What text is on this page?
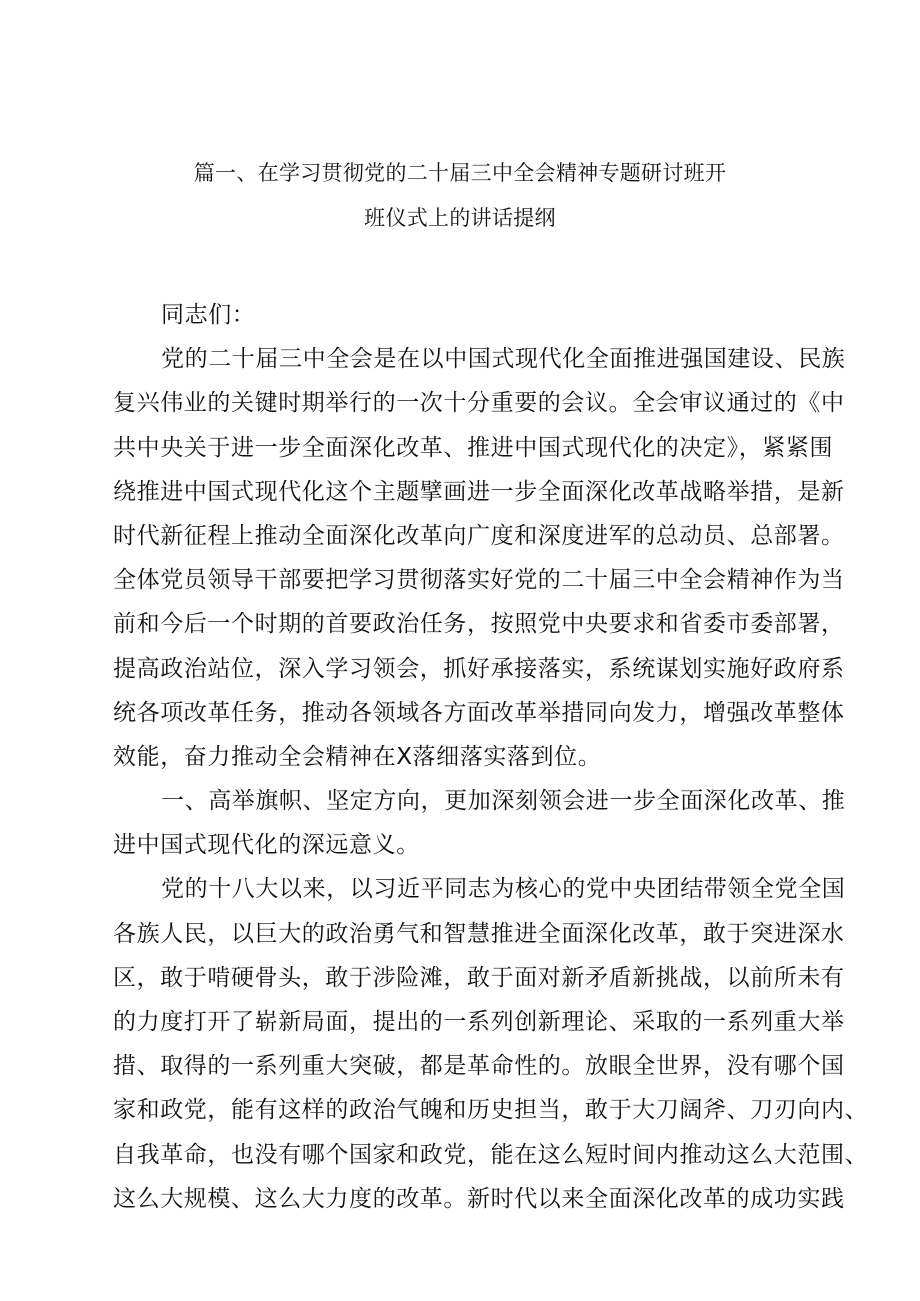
篇一、在学习贯彻党的二十届三中全会精神专题研讨班开
班仪式上的讲话提纲
同志们：
党的二十届三中全会是在以中国式现代化全面推进强国建设、民族
复兴伟业的关键时期举行的一次十分重要的会议。全会审议通过的《中
共中央关于进一步全面深化改革、推进中国式现代化的决定》，紧紧围
绕推进中国式现代化这个主题擘画进一步全面深化改革战略举措，是新
时代新征程上推动全面深化改革向广度和深度进军的总动员、总部署。
全体党员领导干部要把学习贯彻落实好党的二十届三中全会精神作为当
前和今后一个时期的首要政治任务，按照党中央要求和省委市委部署，
提高政治站位，深入学习领会，抓好承接落实，系统谋划实施好政府系
统各项改革任务，推动各领域各方面改革举措同向发力，增强改革整体
效能，奋力推动全会精神在X落细落实落到位。
一、高举旗帜、坚定方向，更加深刻领会进一步全面深化改革、推
进中国式现代化的深远意义。
党的十八大以来，以习近平同志为核心的党中央团结带领全党全国
各族人民，以巨大的政治勇气和智慧推进全面深化改革，敢于突进深水
区，敢于啃硬骨头，敢于涉险滩，敢于面对新矛盾新挑战，以前所未有
的力度打开了崭新局面，提出的一系列创新理论、采取的一系列重大举
措、取得的一系列重大突破，都是革命性的。放眼全世界，没有哪个国
家和政党，能有这样的政治气魄和历史担当，敢于大刀阔斧、刀刃向内、
自我革命，也没有哪个国家和政党，能在这么短时间内推动这么大范围、
这么大规模、这么大力度的改革。新时代以来全面深化改革的成功实践
